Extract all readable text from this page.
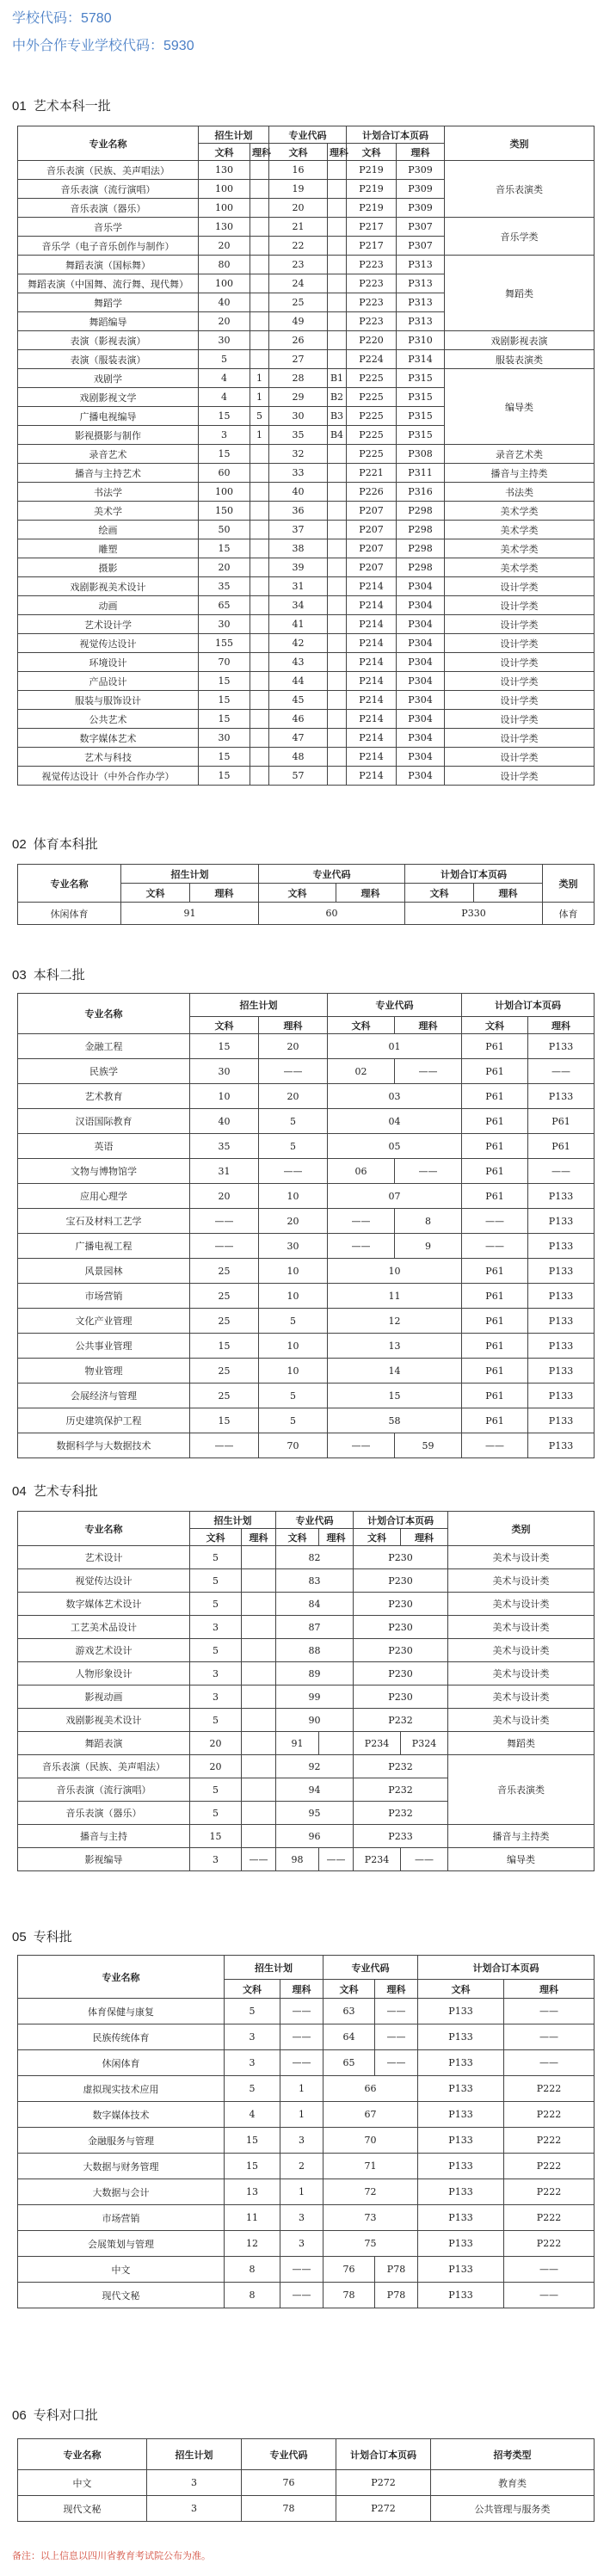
学校代码：5780
中外合作专业学校代码：5930
01 艺术本科一批
专业名称	招生计划		专业代码		计划合订本页码		类别
	文科	理科	文科	理科	文科	理科	
音乐表演（民族、美声唱法）	130		16		P219	P309	音乐表演类
音乐表演（流行演唱）	100		19		P219	P309	
音乐表演（器乐）	100		20		P219	P309	
音乐学	130		21		P217	P307	音乐学类
音乐学（电子音乐创作与制作）	20		22		P217	P307	
舞蹈表演（国标舞）	80		23		P223	P313	舞蹈类
舞蹈表演（中国舞、流行舞、现代舞）	100		24		P223	P313	
舞蹈学	40		25		P223	P313	
舞蹈编导	20		49		P223	P313	
表演（影视表演）	30		26		P220	P310	戏剧影视表演
表演（服装表演）	5		27		P224	P314	服装表演类
戏剧学	4	1	28	B1	P225	P315	编导类
戏剧影视文学	4	1	29	B2	P225	P315	
广播电视编导	15	5	30	B3	P225	P315	
影视摄影与制作	3	1	35	B4	P225	P315	
录音艺术	15		32		P225	P308	录音艺术类
播音与主持艺术	60		33		P221	P311	播音与主持类
书法学	100		40		P226	P316	书法类
美术学	150		36		P207	P298	美术学类
绘画	50		37		P207	P298	美术学类
雕塑	15		38		P207	P298	美术学类
摄影	20		39		P207	P298	美术学类
戏剧影视美术设计	35		31		P214	P304	设计学类
动画	65		34		P214	P304	设计学类
艺术设计学	30		41		P214	P304	设计学类
视觉传达设计	155		42		P214	P304	设计学类
环境设计	70		43		P214	P304	设计学类
产品设计	15		44		P214	P304	设计学类
服装与服饰设计	15		45		P214	P304	设计学类
公共艺术	15		46		P214	P304	设计学类
数字媒体艺术	30		47		P214	P304	设计学类
艺术与科技	15		48		P214	P304	设计学类
视觉传达设计（中外合作办学）	15		57		P214	P304	设计学类
02 体育本科批
专业名称	招生计划		专业代码		计划合订本页码		类别
	文科	理科	文科	理科	文科	理科	
休闲体育	91		60		P330		体育
03 本科二批
专业名称	招生计划		专业代码		计划合订本页码	
	文科	理科	文科	理科	文科	理科
金融工程	15	20	01		P61	P133
民族学	30	——	02	——	P61	——
艺术教育	10	20	03		P61	P133
汉语国际教育	40	5	04		P61	P61
英语	35	5	05		P61	P61
文物与博物馆学	31	——	06	——	P61	——
应用心理学	20	10	07		P61	P133
宝石及材料工艺学	——	20	——	8	——	P133
广播电视工程	——	30	——	9	——	P133
风景园林	25	10	10		P61	P133
市场营销	25	10	11		P61	P133
文化产业管理	25	5	12		P61	P133
公共事业管理	15	10	13		P61	P133
物业管理	25	10	14		P61	P133
会展经济与管理	25	5	15		P61	P133
历史建筑保护工程	15	5	58		P61	P133
数据科学与大数据技术	——	70	——	59	——	P133
04 艺术专科批
专业名称	招生计划		专业代码		计划合订本页码		类别
	文科	理科	文科	理科	文科	理科	
艺术设计	5		82		P230		美术与设计类
视觉传达设计	5		83		P230		美术与设计类
数字媒体艺术设计	5		84		P230		美术与设计类
工艺美术品设计	3		87		P230		美术与设计类
游戏艺术设计	5		88		P230		美术与设计类
人物形象设计	3		89		P230		美术与设计类
影视动画	3		99		P230		美术与设计类
戏剧影视美术设计	5		90		P232		美术与设计类
舞蹈表演	20		91		P234	P324	舞蹈类
音乐表演（民族、美声唱法）	20		92		P232		音乐表演类
音乐表演（流行演唱）	5		94		P232		
音乐表演（器乐）	5		95		P232		
播音与主持	15		96		P233		播音与主持类
影视编导	3	——	98	——	P234	——	编导类
05 专科批
专业名称	招生计划		专业代码		计划合订本页码	
	文科	理科	文科	理科	文科	理科
体育保健与康复	5	——	63	——	P133	——
民族传统体育	3	——	64	——	P133	——
休闲体育	3	——	65	——	P133	——
虚拟现实技术应用	5	1	66		P133	P222
数字媒体技术	4	1	67		P133	P222
金融服务与管理	15	3	70		P133	P222
大数据与财务管理	15	2	71		P133	P222
大数据与会计	13	1	72		P133	P222
市场营销	11	3	73		P133	P222
会展策划与管理	12	3	75		P133	P222
中文	8	——	76	P78	P133	——
现代文秘	8	——	78	P78	P133	——
06 专科对口批
专业名称	招生计划	专业代码	计划合订本页码	招考类型
中文	3	76	P272	教育类
现代文秘	3	78	P272	公共管理与服务类
备注：以上信息以四川省教育考试院公布为准。
